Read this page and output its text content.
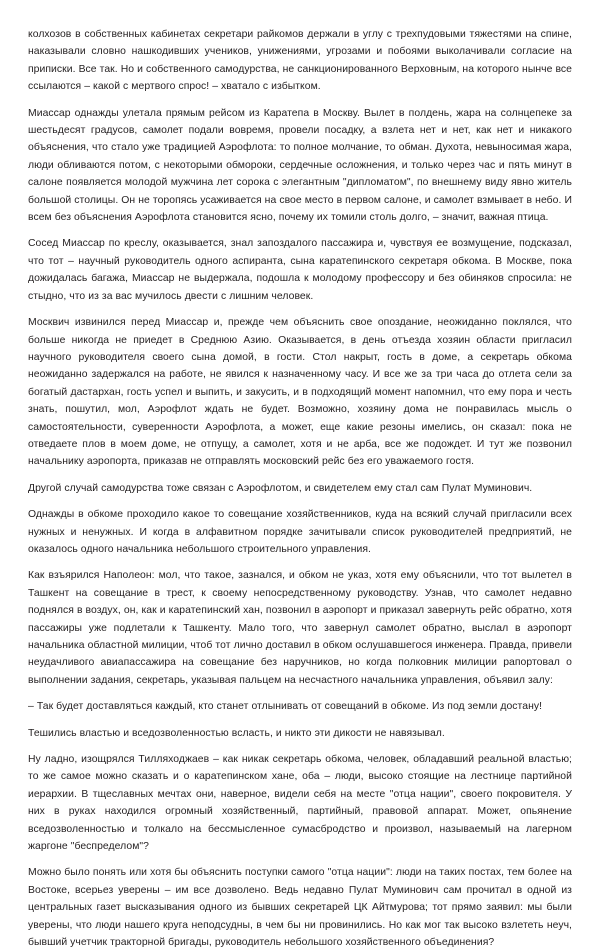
колхозов в собственных кабинетах секретари райкомов держали в углу с трехпудовыми тяжестями на спине, наказывали словно нашкодивших учеников, унижениями, угрозами и побоями выколачивали согласие на приписки. Все так. Но и собственного самодурства, не санкционированного Верховным, на которого нынче все ссылаются – какой с мертвого спрос! – хватало с избытком.

Миассар однажды улетала прямым рейсом из Каратепа в Москву. Вылет в полдень, жара на солнцепеке за шестьдесят градусов, самолет подали вовремя, провели посадку, а взлета нет и нет, как нет и никакого объяснения, что стало уже традицией Аэрофлота: то полное молчание, то обман. Духота, невыносимая жара, люди обливаются потом, с некоторыми обмороки, сердечные осложнения, и только через час и пять минут в салоне появляется молодой мужчина лет сорока с элегантным "дипломатом", по внешнему виду явно житель большой столицы. Он не торопясь усаживается на свое место в первом салоне, и самолет взмывает в небо. И всем без объяснения Аэрофлота становится ясно, почему их томили столь долго, – значит, важная птица.

Сосед Миассар по креслу, оказывается, знал запоздалого пассажира и, чувствуя ее возмущение, подсказал, что тот – научный руководитель одного аспиранта, сына каратепинского секретаря обкома. В Москве, пока дожидалась багажа, Миассар не выдержала, подошла к молодому профессору и без обиняков спросила: не стыдно, что из за вас мучилось двести с лишним человек.

Москвич извинился перед Миассар и, прежде чем объяснить свое опоздание, неожиданно поклялся, что больше никогда не приедет в Среднюю Азию. Оказывается, в день отъезда хозяин области пригласил научного руководителя своего сына домой, в гости. Стол накрыт, гость в доме, а секретарь обкома неожиданно задержался на работе, не явился к назначенному часу. И все же за три часа до отлета сели за богатый дастархан, гость успел и выпить, и закусить, и в подходящий момент напомнил, что ему пора и честь знать, пошутил, мол, Аэрофлот ждать не будет. Возможно, хозяину дома не понравилась мысль о самостоятельности, суверенности Аэрофлота, а может, еще какие резоны имелись, он сказал: пока не отведаете плов в моем доме, не отпущу, а самолет, хотя и не арба, все же подождет. И тут же позвонил начальнику аэропорта, приказав не отправлять московский рейс без его уважаемого гостя.

Другой случай самодурства тоже связан с Аэрофлотом, и свидетелем ему стал сам Пулат Муминович.

Однажды в обкоме проходило какое то совещание хозяйственников, куда на всякий случай пригласили всех нужных и ненужных. И когда в алфавитном порядке зачитывали список руководителей предприятий, не оказалось одного начальника небольшого строительного управления.

Как взъярился Наполеон: мол, что такое, зазнался, и обком не указ, хотя ему объяснили, что тот вылетел в Ташкент на совещание в трест, к своему непосредственному руководству. Узнав, что самолет недавно поднялся в воздух, он, как и каратепинский хан, позвонил в аэропорт и приказал завернуть рейс обратно, хотя пассажиры уже подлетали к Ташкенту. Мало того, что завернул самолет обратно, выслал в аэропорт начальника областной милиции, чтоб тот лично доставил в обком ослушавшегося инженера. Правда, привели неудачливого авиапассажира на совещание без наручников, но когда полковник милиции рапортовал о выполнении задания, секретарь, указывая пальцем на несчастного начальника управления, объявил залу:

– Так будет доставляться каждый, кто станет отлынивать от совещаний в обкоме. Из под земли достану!

Тешились властью и вседозволенностью всласть, и никто эти дикости не навязывал.

Ну ладно, изощрялся Тилляходжаев – как никак секретарь обкома, человек, обладавший реальной властью; то же самое можно сказать и о каратепинском хане, оба – люди, высоко стоящие на лестнице партийной иерархии. В тщеславных мечтах они, наверное, видели себя на месте "отца нации", своего покровителя. У них в руках находился огромный хозяйственный, партийный, правовой аппарат. Может, опьянение вседозволенностью и толкало на бессмысленное сумасбродство и произвол, называемый на лагерном жаргоне "беспределом"?

Можно было понять или хотя бы объяснить поступки самого "отца нации": люди на таких постах, тем более на Востоке, всерьез уверены – им все дозволено. Ведь недавно Пулат Муминович сам прочитал в одной из центральных газет высказывания одного из бывших секретарей ЦК Айтмурова; тот прямо заявил: мы были уверены, что люди нашего круга неподсудны, в чем бы ни провинились. Но как мог так высоко взлететь неуч, бывший учетчик тракторной бригады, руководитель небольшого хозяйственного объединения?
